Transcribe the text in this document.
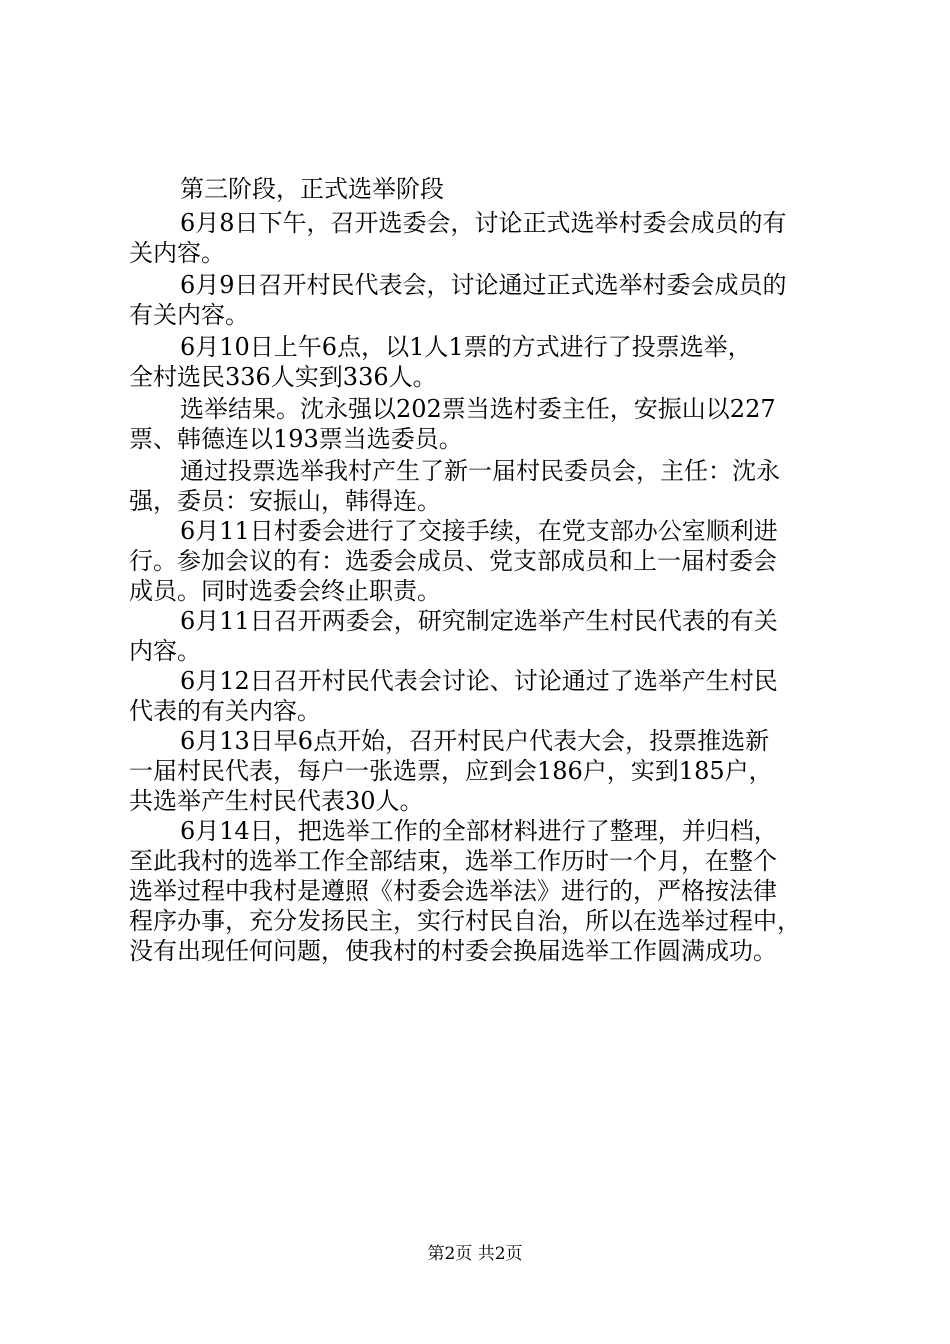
第三阶段，正式选举阶段

6月8日下午，召开选委会，讨论正式选举村委会成员的有

关内容。

6月9日召开村民代表会，讨论通过正式选举村委会成员的

有关内容。

6月10日上午6点，以1人1票的方式进行了投票选举，

全村选民336人实到336人。

选举结果。沈永强以202票当选村委主任，安振山以227

票、韩德连以193票当选委员。

通过投票选举我村产生了新一届村民委员会，主任：沈永

强，委员：安振山，韩得连。

6月11日村委会进行了交接手续，在党支部办公室顺利进

行。参加会议的有：选委会成员、党支部成员和上一届村委会

成员。同时选委会终止职责。

6月11日召开两委会，研究制定选举产生村民代表的有关

内容。

6月12日召开村民代表会讨论、讨论通过了选举产生村民

代表的有关内容。

6月13日早6点开始，召开村民户代表大会，投票推选新

一届村民代表，每户一张选票，应到会186户，实到185户，

共选举产生村民代表30人。

6月14日，把选举工作的全部材料进行了整理，并归档，

至此我村的选举工作全部结束，选举工作历时一个月，在整个

选举过程中我村是遵照《村委会选举法》进行的，严格按法律

程序办事，充分发扬民主，实行村民自治，所以在选举过程中，

没有出现任何问题，使我村的村委会换届选举工作圆满成功。

第2页 共2页
